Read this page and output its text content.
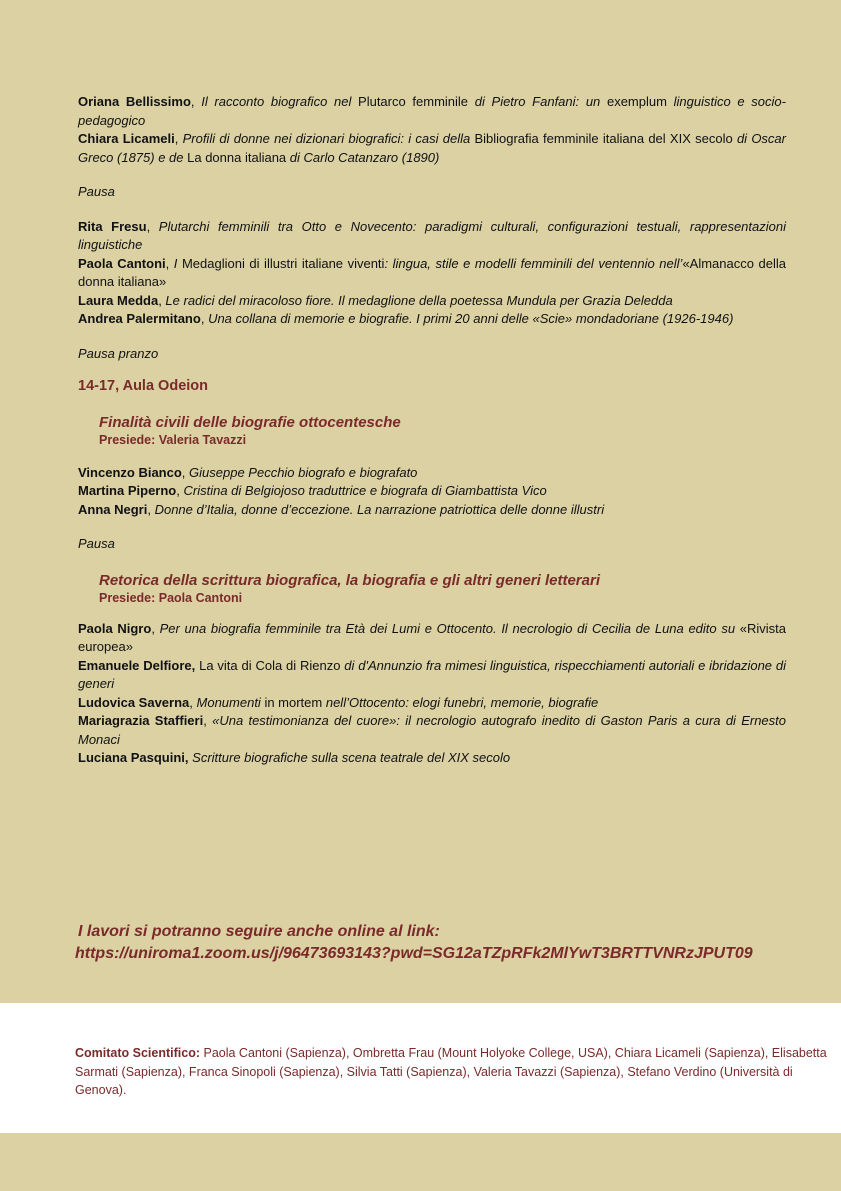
Oriana Bellissimo, Il racconto biografico nel Plutarco femminile di Pietro Fanfani: un exemplum linguistico e socio-pedagogico

Chiara Licameli, Profili di donne nei dizionari biografici: i casi della Bibliografia femminile italiana del XIX secolo di Oscar Greco (1875) e de La donna italiana di Carlo Catanzaro (1890)

Pausa

Rita Fresu, Plutarchi femminili tra Otto e Novecento: paradigmi culturali, configurazioni testuali, rappresentazioni linguistiche

Paola Cantoni, I Medaglioni di illustri italiane viventi: lingua, stile e modelli femminili del ventennio nell’«Almanacco della donna italiana»

Laura Medda, Le radici del miracoloso fiore. Il medaglione della poetessa Mundula per Grazia Deledda

Andrea Palermitano, Una collana di memorie e biografie. I primi 20 anni delle «Scie» mondadoriane (1926-1946)

Pausa pranzo

14-17, Aula Odeion

Finalità civili delle biografie ottocentesche

Presiede: Valeria Tavazzi

Vincenzo Bianco, Giuseppe Pecchio biografo e biografato

Martina Piperno, Cristina di Belgiojoso traduttrice e biografa di Giambattista Vico

Anna Negri, Donne d’Italia, donne d’eccezione. La narrazione patriottica delle donne illustri

Pausa

Retorica della scrittura biografica, la biografia e gli altri generi letterari

Presiede: Paola Cantoni

Paola Nigro, Per una biografia femminile tra Età dei Lumi e Ottocento. Il necrologio di Cecilia de Luna edito su «Rivista europea»

Emanuele Delfiore, La vita di Cola di Rienzo di d'Annunzio fra mimesi linguistica, rispecchiamenti autoriali e ibridazione di generi

Ludovica Saverna, Monumenti in mortem nell’Ottocento: elogi funebri, memorie, biografie

Mariagrazia Staffieri, «Una testimonianza del cuore»: il necrologio autografo inedito di Gaston Paris a cura di Ernesto Monaci

Luciana Pasquini, Scritture biografiche sulla scena teatrale del XIX secolo

I lavori si potranno seguire anche online al link:
https://uniroma1.zoom.us/j/96473693143?pwd=SG12aTZpRFk2MlYwT3BRTTVNRzJPUT09
Comitato Scientifico: Paola Cantoni (Sapienza), Ombretta Frau (Mount Holyoke College, USA), Chiara Licameli (Sapienza), Elisabetta Sarmati (Sapienza), Franca Sinopoli (Sapienza), Silvia Tatti (Sapienza), Valeria Tavazzi (Sapienza), Stefano Verdino (Università di Genova).
